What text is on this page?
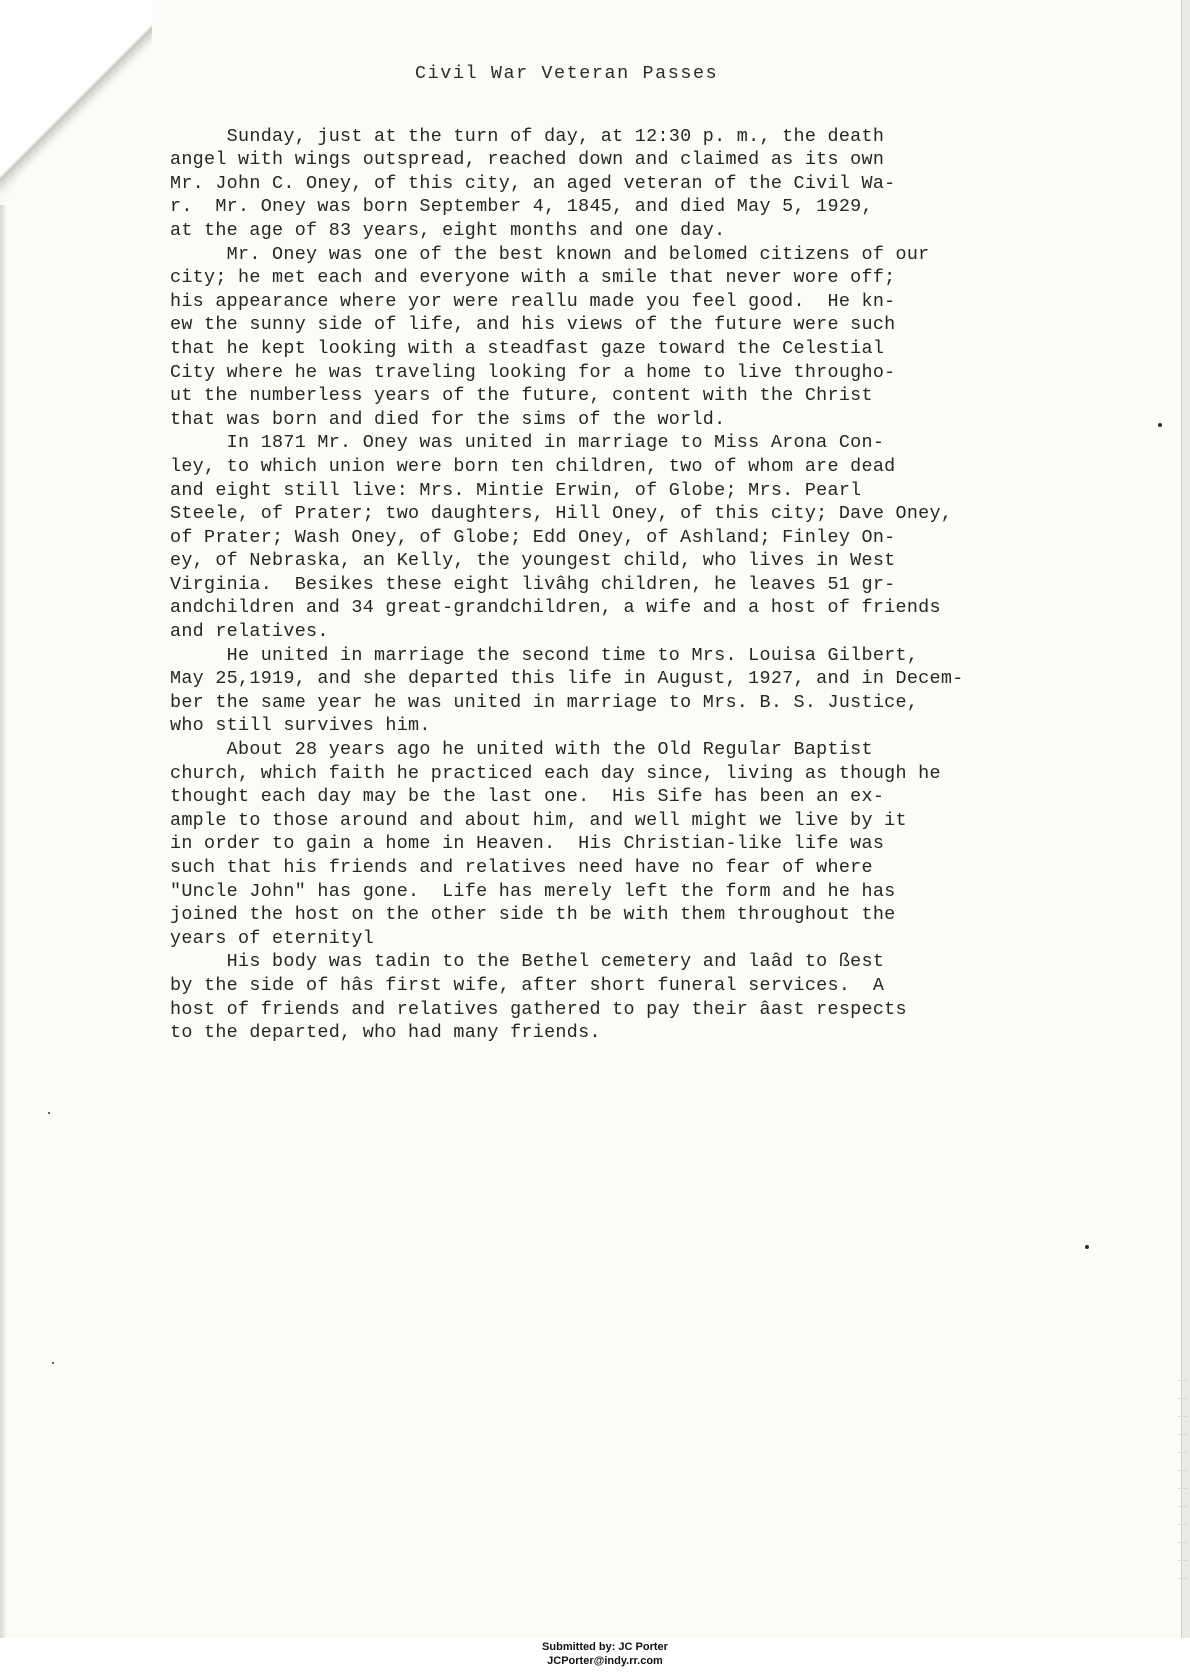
Civil War Veteran Passes
Sunday, just at the turn of day, at 12:30 p. m., the death
angel with wings outspread, reached down and claimed as its own
Mr. John C. Oney, of this city, an aged veteran of the Civil Wa-
r.  Mr. Oney was born September 4, 1845, and died May 5, 1929,
at the age of 83 years, eight months and one day.
Mr. Oney was one of the best known and belomed citizens of our
city; he met each and everyone with a smile that never wore off;
his appearance where yor were reallu made you feel good.  He kn-
ew the sunny side of life, and his views of the future were such
that he kept looking with a steadfast gaze toward the Celestial
City where he was traveling looking for a home to live througho-
ut the numberless years of the future, content with the Christ
that was born and died for the sims of the world.
In 1871 Mr. Oney was united in marriage to Miss Arona Con-
ley, to which union were born ten children, two of whom are dead
and eight still live: Mrs. Mintie Erwin, of Globe; Mrs. Pearl
Steele, of Prater; two daughters, Hill Oney, of this city; Dave Oney,
of Prater; Wash Oney, of Globe; Edd Oney, of Ashland; Finley On-
ey, of Nebraska, an Kelly, the youngest child, who lives in West
Virginia.  Besikes these eight livâhg children, he leaves 51 gr-
andchildren and 34 great-grandchildren, a wife and a host of friends
and relatives.
He united in marriage the second time to Mrs. Louisa Gilbert,
May 25,1919, and she departed this life in August, 1927, and in Decem-
ber the same year he was united in marriage to Mrs. B. S. Justice,
who still survives him.
About 28 years ago he united with the Old Regular Baptist
church, which faith he practiced each day since, living as though he
thought each day may be the last one.  His Sife has been an ex-
ample to those around and about him, and well might we live by it
in order to gain a home in Heaven.  His Christian-like life was
such that his friends and relatives need have no fear of where
"Uncle John" has gone.  Life has merely left the form and he has
joined the host on the other side th be with them throughout the
years of eternityl
His body was tadin to the Bethel cemetery and laâd to ßest
by the side of hâs first wife, after short funeral services.  A
host of friends and relatives gathered to pay their âast respects
to the departed, who had many friends.
Submitted by: JC Porter
JCPorter@indy.rr.com
